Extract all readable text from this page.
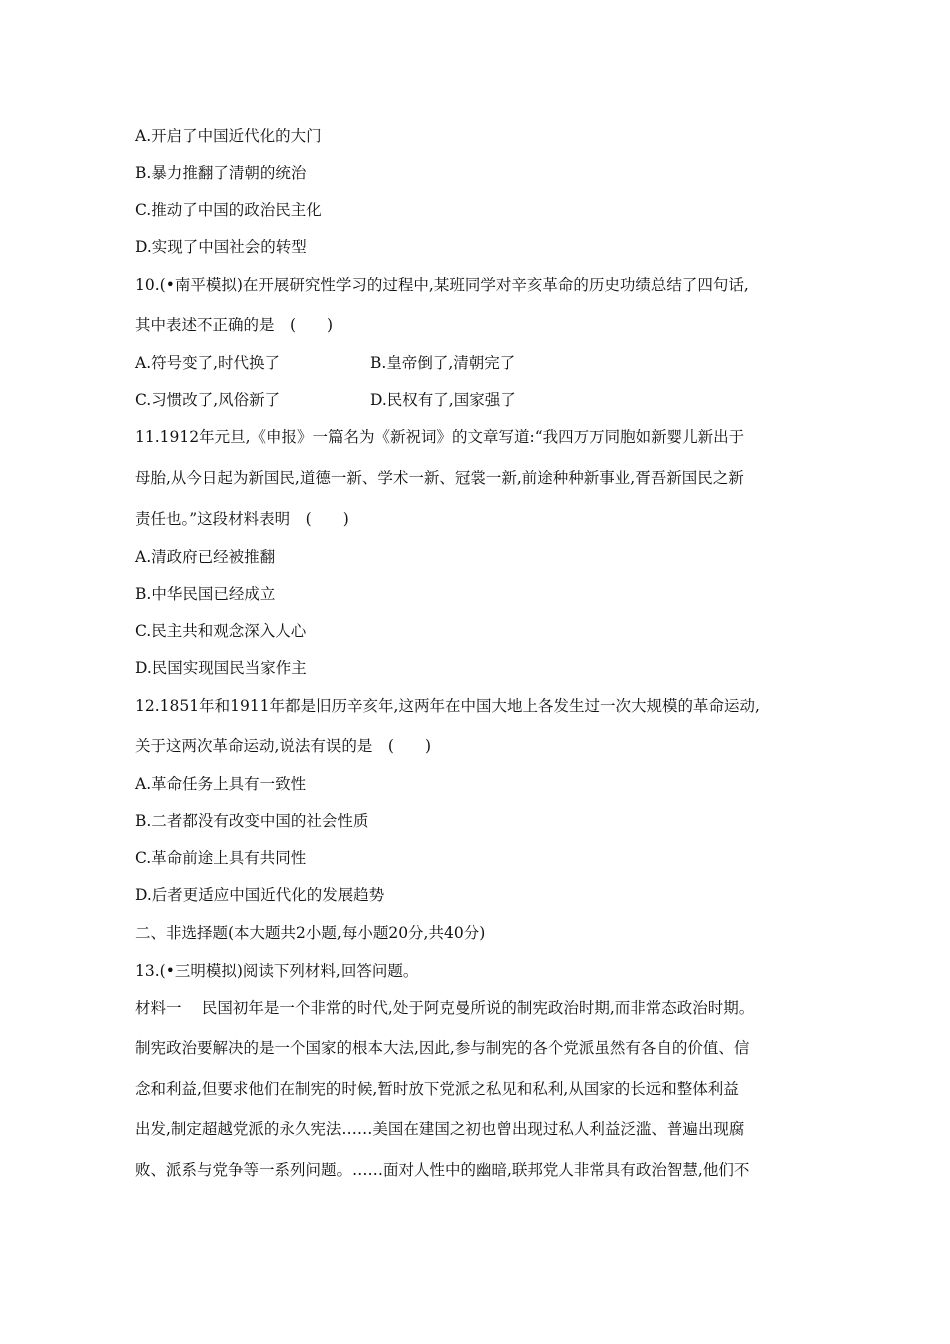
A.开启了中国近代化的大门
B.暴力推翻了清朝的统治
C.推动了中国的政治民主化
D.实现了中国社会的转型
10.(•南平模拟)在开展研究性学习的过程中,某班同学对辛亥革命的历史功绩总结了四句话,
其中表述不正确的是　(　　)
A.符号变了,时代换了	B.皇帝倒了,清朝完了
C.习惯改了,风俗新了	D.民权有了,国家强了
11.1912年元旦,《申报》一篇名为《新祝词》的文章写道:“我四万万同胞如新婴儿新出于
母胎,从今日起为新国民,道德一新、学术一新、冠裳一新,前途种种新事业,胥吾新国民之新
责任也。”这段材料表明　(　　)
A.清政府已经被推翻
B.中华民国已经成立
C.民主共和观念深入人心
D.民国实现国民当家作主
12.1851年和1911年都是旧历辛亥年,这两年在中国大地上各发生过一次大规模的革命运动,
关于这两次革命运动,说法有误的是　(　　)
A.革命任务上具有一致性
B.二者都没有改变中国的社会性质
C.革命前途上具有共同性
D.后者更适应中国近代化的发展趋势
二、非选择题(本大题共2小题,每小题20分,共40分)
13.(•三明模拟)阅读下列材料,回答问题。
材料一　 民国初年是一个非常的时代,处于阿克曼所说的制宪政治时期,而非常态政治时期。
制宪政治要解决的是一个国家的根本大法,因此,参与制宪的各个党派虽然有各自的价值、信
念和利益,但要求他们在制宪的时候,暂时放下党派之私见和私利,从国家的长远和整体利益
出发,制定超越党派的永久宪法……美国在建国之初也曾出现过私人利益泛滥、普遍出现腐
败、派系与党争等一系列问题。……面对人性中的幽暗,联邦党人非常具有政治智慧,他们不
